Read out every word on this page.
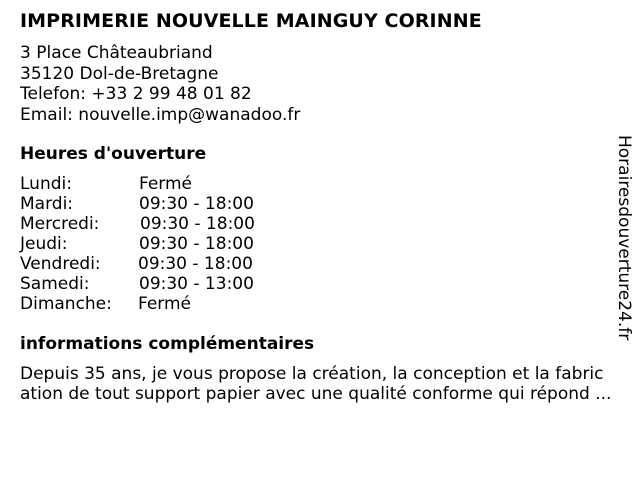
IMPRIMERIE NOUVELLE MAINGUY CORINNE
3 Place Châteaubriand
35120 Dol-de-Bretagne
Telefon: +33 2 99 48 01 82
Email: nouvelle.imp@wanadoo.fr
Heures d'ouverture
Lundi:	Fermé
Mardi:	09:30 - 18:00
Mercredi: 09:30 - 18:00
Jeudi:	09:30 - 18:00
Vendredi: 09:30 - 18:00
Samedi:	09:30 - 13:00
Dimanche: Fermé
informations complémentaires
Depuis 35 ans, je vous propose la création, la conception et la fabric
ation de tout support papier avec une qualité conforme qui répond ...
Horairesdouverture24.fr
